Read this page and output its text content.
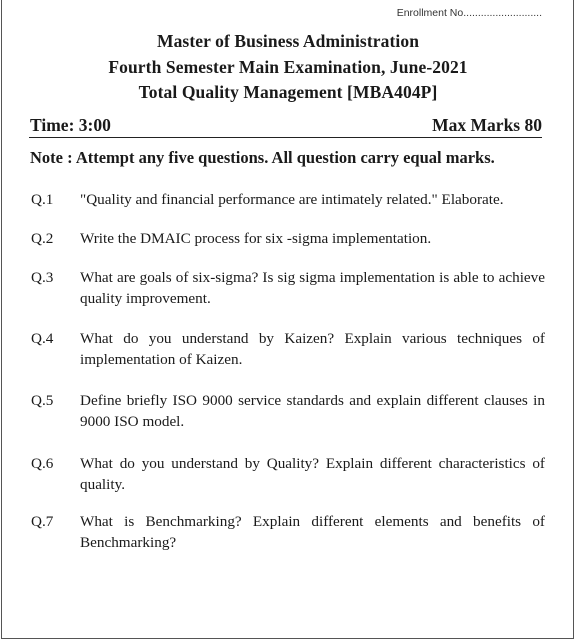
Enrollment No...........................
Master of Business Administration
Fourth Semester Main Examination, June-2021
Total Quality Management [MBA404P]
Time: 3:00	Max Marks 80
Note : Attempt any five questions. All question carry equal marks.
Q.1 "Quality and financial performance are intimately related." Elaborate.
Q.2 Write the DMAIC process for six -sigma implementation.
Q.3 What are goals of six-sigma? Is sig sigma implementation is able to achieve quality improvement.
Q.4 What do you understand by Kaizen? Explain various techniques of implementation of Kaizen.
Q.5 Define briefly ISO 9000 service standards and explain different clauses in 9000 ISO model.
Q.6 What do you understand by Quality? Explain different characteristics of quality.
Q.7 What is Benchmarking? Explain different elements and benefits of Benchmarking?
